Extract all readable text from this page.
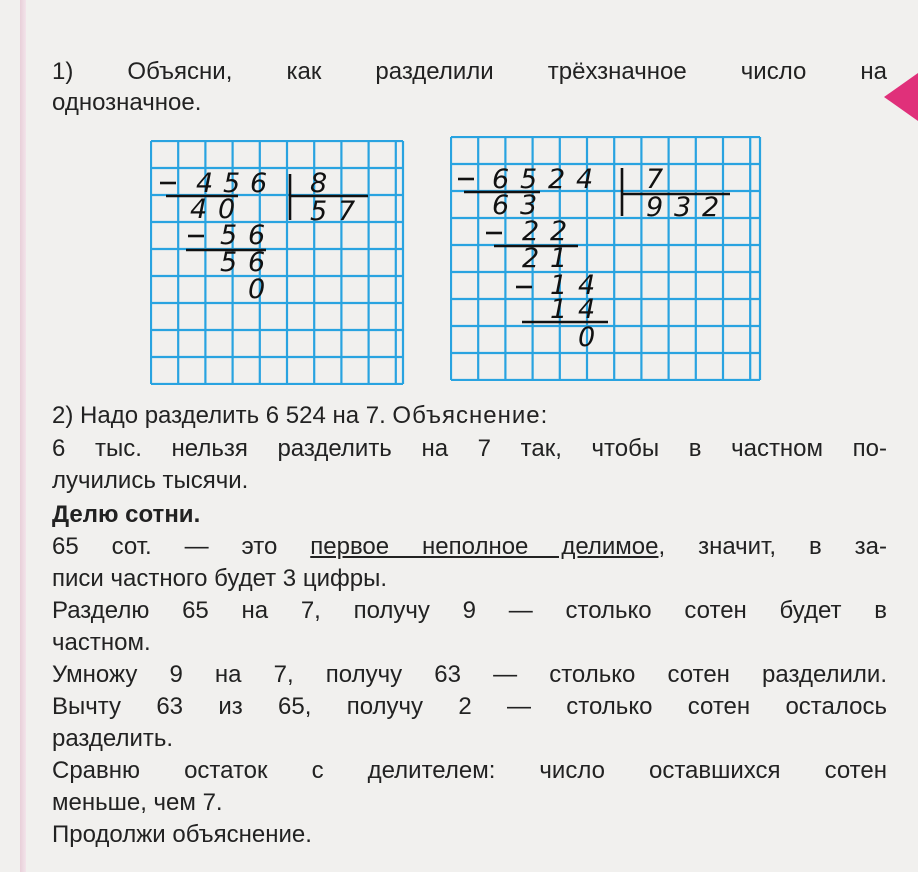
1) Объясни, как разделили трёхзначное число на
однозначное.
4 5 6 8
5 7
4 0
5 6
5 6
0
6 5 2 4 7
9 3 2
6 3
2 2
2 1
1 4
1 4
0
2) Надо разделить 6 524 на 7. Объяснение:
6 тыс. нельзя разделить на 7 так, чтобы в частном по-
лучились тысячи.
Делю сотни.
65 сот. — это первое неполное делимое, значит, в за-
писи частного будет 3 цифры.
Разделю 65 на 7, получу 9 — столько сотен будет в
частном.
Умножу 9 на 7, получу 63 — столько сотен разделили.
Вычту 63 из 65, получу 2 — столько сотен осталось
разделить.
Сравню остаток с делителем: число оставшихся сотен
меньше, чем 7.
Продолжи объяснение.
